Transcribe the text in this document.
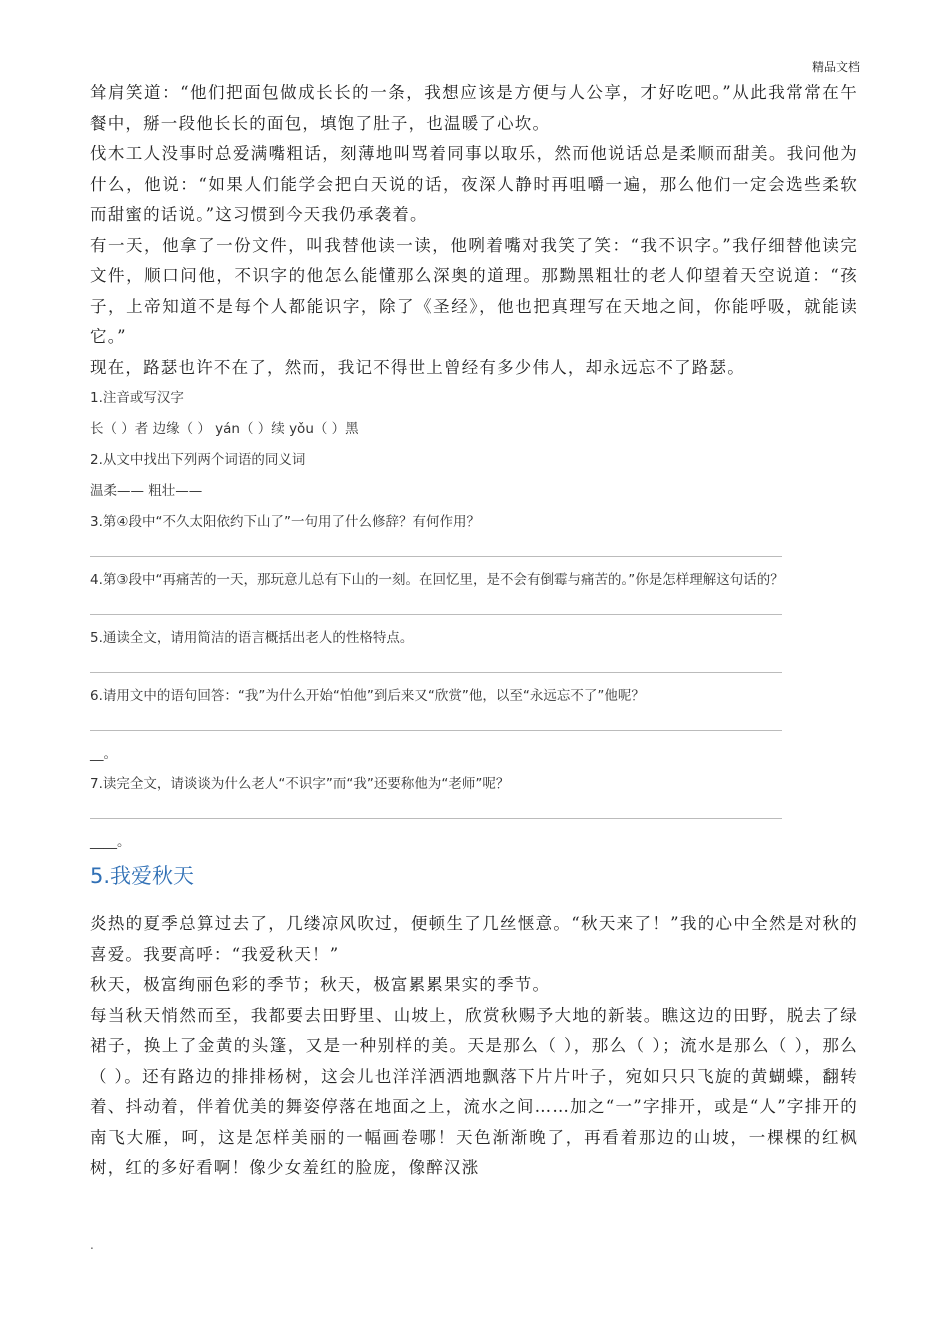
精品文档

耸肩笑道：“他们把面包做成长长的一条，我想应该是方便与人公享，才好吃吧。”从此我常常在午餐中，掰一段他长长的面包，填饱了肚子，也温暖了心坎。

伐木工人没事时总爱满嘴粗话，刻薄地叫骂着同事以取乐，然而他说话总是柔顺而甜美。我问他为什么，他说：“如果人们能学会把白天说的话，夜深人静时再咀嚼一遍，那么他们一定会选些柔软而甜蜜的话说。”这习惯到今天我仍承袭着。

有一天，他拿了一份文件，叫我替他读一读，他咧着嘴对我笑了笑：“我不识字。”我仔细替他读完文件，顺口问他，不识字的他怎么能懂那么深奥的道理。那黝黑粗壮的老人仰望着天空说道：“孩子，上帝知道不是每个人都能识字，除了《圣经》，他也把真理写在天地之间，你能呼吸，就能读它。”

现在，路瑟也许不在了，然而，我记不得世上曾经有多少伟人，却永远忘不了路瑟。

1.注音或写汉字

长（ ）者 边缘（ ） yán（ ）续 yǒu（ ）黑

2.从文中找出下列两个词语的同义词

温柔—— 粗壮——

3.第④段中“不久太阳依约下山了”一句用了什么修辞？有何作用？

4.第③段中“再痛苦的一天，那玩意儿总有下山的一刻。在回忆里，是不会有倒霉与痛苦的。”你是怎样理解这句话的？

5.通读全文，请用简洁的语言概括出老人的性格特点。

6.请用文中的语句回答：“我”为什么开始“怕他”到后来又“欣赏”他，以至“永远忘不了”他呢？

__。

7.读完全文，请谈谈为什么老人“不识字”而“我”还要称他为“老师”呢？

____。

5.我爱秋天

炎热的夏季总算过去了，几缕凉风吹过，便顿生了几丝惬意。“秋天来了！”我的心中全然是对秋的喜爱。我要高呼：“我爱秋天！”

秋天，极富绚丽色彩的季节；秋天，极富累累果实的季节。

每当秋天悄然而至，我都要去田野里、山坡上，欣赏秋赐予大地的新装。瞧这边的田野，脱去了绿裙子，换上了金黄的头篷，又是一种别样的美。天是那么（ ），那么（ ）；流水是那么（ ），那么（ ）。还有路边的排排杨树，这会儿也洋洋洒洒地飘落下片片叶子，宛如只只飞旋的黄蝴蝶，翻转着、抖动着，伴着优美的舞姿停落在地面之上，流水之间……加之“一”字排开，或是“人”字排开的南飞大雁，呵，这是怎样美丽的一幅画卷哪！天色渐渐晚了，再看着那边的山坡，一棵棵的红枫树，红的多好看啊！像少女羞红的脸庞，像醉汉涨

.
